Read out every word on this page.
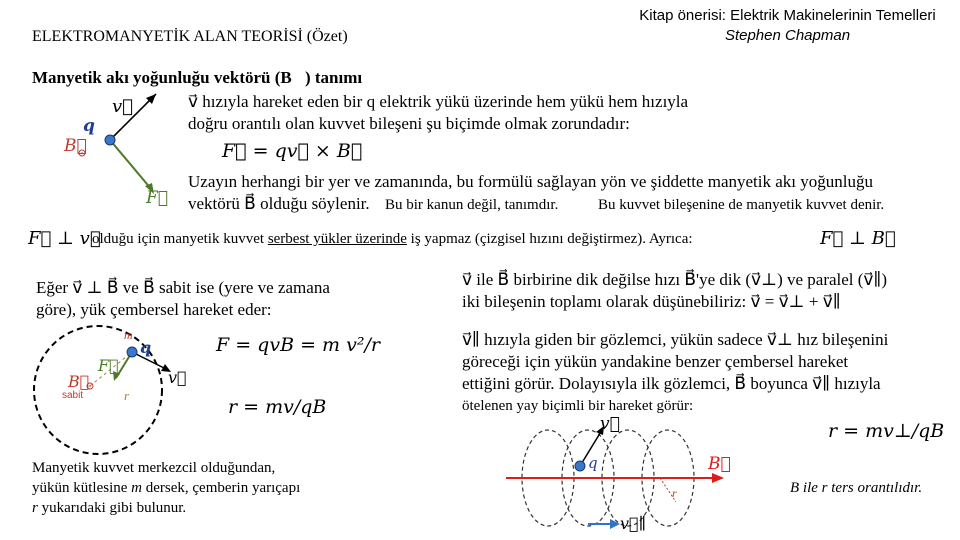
ELEKTROMANYETİK ALAN TEORİSİ (Özet)
Kitap önerisi: Elektrik Makinelerinin Temelleri
Stephen Chapman
Manyetik akı yoğunluğu vektörü (B⃗) tanımı
v⃗
q
B⃗
F⃗
v⃗ hızıyla hareket eden bir q elektrik yükü üzerinde hem yükü hem hızıyla
doğru orantılı olan kuvvet bileşeni şu biçimde olmak zorundadır:
F⃗ = qv⃗ × B⃗
Uzayın herhangi bir yer ve zamanında, bu formülü sağlayan yön ve şiddette manyetik akı yoğunluğu
vektörü B⃗ olduğu söylenir. Bu bir kanun değil, tanımdır.	Bu kuvvet bileşenine de manyetik kuvvet denir.
F⃗ ⊥ v⃗
olduğu için manyetik kuvvet serbest yükler üzerinde iş yapmaz (çizgisel hızını değiştirmez). Ayrıca:	F⃗ ⊥ B⃗
Eğer v⃗ ⊥ B⃗ ve B⃗ sabit ise (yere ve zamana
göre), yük çembersel hareket eder:
m
q
F⃗
v⃗
B⃗
sabit	r
F = qvB = m v²/r
r = mv/qB
Manyetik kuvvet merkezcil olduğundan,
yükün kütlesine m dersek, çemberin yarıçapı
r yukarıdaki gibi bulunur.
v⃗ ile B⃗ birbirine dik değilse hızı B⃗'ye dik (v⃗⊥) ve paralel (v⃗∥)
iki bileşenin toplamı olarak düşünebiliriz: v⃗ = v⃗⊥ + v⃗∥
v⃗∥ hızıyla giden bir gözlemci, yükün sadece v⃗⊥ hız bileşenini
göreceği için yükün yandakine benzer çembersel hareket
ettiğini görür. Dolayısıyla ilk gözlemci, B⃗ boyunca v⃗∥ hızıyla
ötelenen yay biçimli bir hareket görür:
r = mv⊥/qB
v⃗
q	B⃗
r
v⃗∥
B ile r ters orantılıdır.
